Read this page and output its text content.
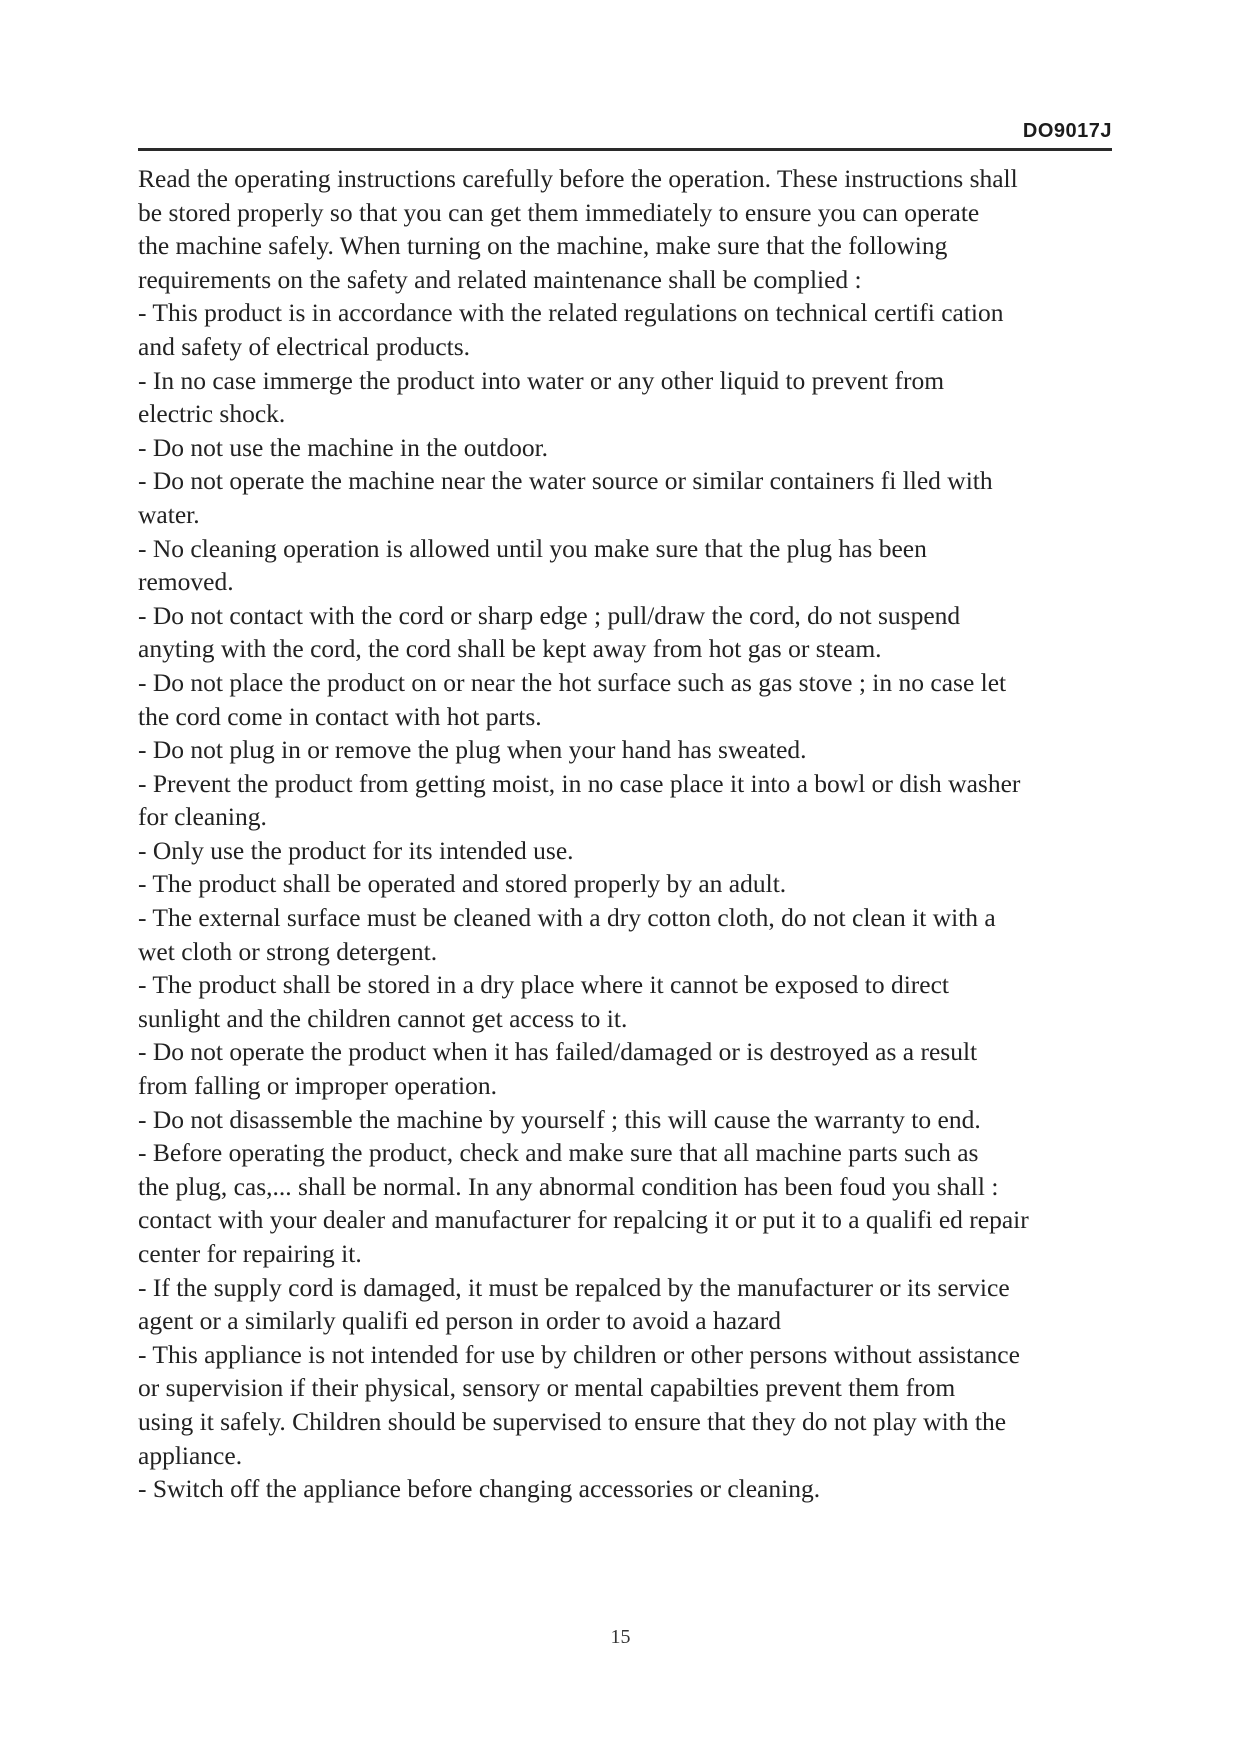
DO9017J
Read the operating instructions carefully before the operation. These instructions shall
be stored properly so that you can get them immediately to ensure you can operate
the machine safely. When turning on the machine, make sure that the following
requirements on the safety and related maintenance shall be complied :
- This product is in accordance with the related regulations on technical certifi cation
and safety of electrical products.
- In no case immerge the product into water or any other liquid to prevent from
electric shock.
- Do not use the machine in the outdoor.
- Do not operate the machine near the water source or similar containers fi lled with
water.
- No cleaning operation is allowed until you make sure that the plug has been
removed.
- Do not contact with the cord or sharp edge ; pull/draw the cord, do not suspend
anyting with the cord, the cord shall be kept away from hot gas or steam.
- Do not place the product on or near the hot surface such as gas stove ; in no case let
the cord come in contact with hot parts.
- Do not plug in or remove the plug when your hand has sweated.
- Prevent the product from getting moist, in no case place it into a bowl or dish washer
for cleaning.
- Only use the product for its intended use.
- The product shall be operated and stored properly by an adult.
- The external surface must be cleaned with a dry cotton cloth, do not clean it with a
wet cloth or strong detergent.
- The product shall be stored in a dry place where it cannot be exposed to direct
sunlight and the children cannot get access to it.
- Do not operate the product when it has failed/damaged or is destroyed as a result
from falling or improper operation.
- Do not disassemble the machine by yourself ; this will cause the warranty to end.
- Before operating the product, check and make sure that all machine parts such as
the plug, cas,... shall be normal. In any abnormal condition has been foud you shall :
contact with your dealer and manufacturer for repalcing it or put it to a qualifi ed repair
center for repairing it.
- If the supply cord is damaged, it must be repalced by the manufacturer or its service
agent or a similarly qualifi ed person in order to avoid a hazard
- This appliance is not intended for use by children or other persons without assistance
or supervision if their physical, sensory or mental capabilties prevent them from
using it safely. Children should be supervised to ensure that they do not play with the
appliance.
- Switch off the appliance before changing accessories or cleaning.
15
